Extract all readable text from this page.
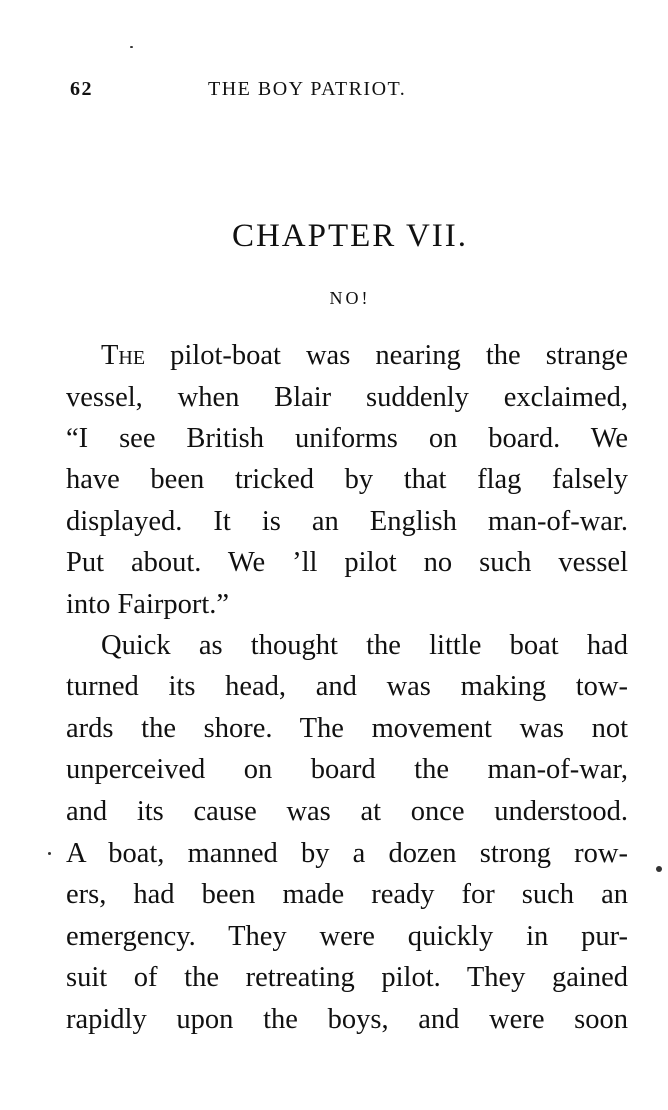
62	THE BOY PATRIOT.
CHAPTER VII.
NO!
The pilot-boat was nearing the strange
vessel, when Blair suddenly exclaimed,
“I see British uniforms on board. We
have been tricked by that flag falsely
displayed. It is an English man-of-war.
Put about. We ’ll pilot no such vessel
into Fairport.”
Quick as thought the little boat had
turned its head, and was making tow-
ards the shore. The movement was not
unperceived on board the man-of-war,
and its cause was at once understood.
A boat, manned by a dozen strong row-
ers, had been made ready for such an
emergency. They were quickly in pur-
suit of the retreating pilot. They gained
rapidly upon the boys, and were soon
